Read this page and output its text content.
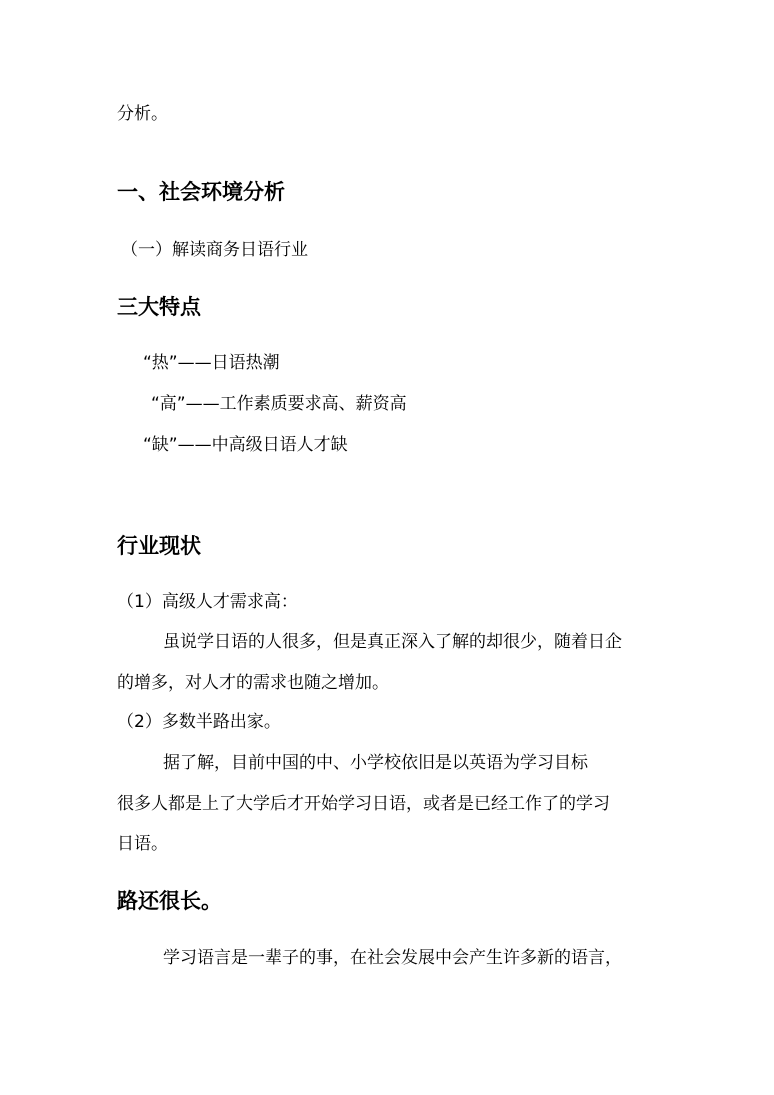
分析。
一、社会环境分析
（一）解读商务日语行业
三大特点
“热”——日语热潮
“高”——工作素质要求高、薪资高
“缺”——中高级日语人才缺
行业现状
（1）高级人才需求高：
虽说学日语的人很多，但是真正深入了解的却很少，随着日企
的增多，对人才的需求也随之增加。
（2）多数半路出家。
据了解，目前中国的中、小学校依旧是以英语为学习目标
很多人都是上了大学后才开始学习日语，或者是已经工作了的学习
日语。
路还很长。
学习语言是一辈子的事，在社会发展中会产生许多新的语言，
